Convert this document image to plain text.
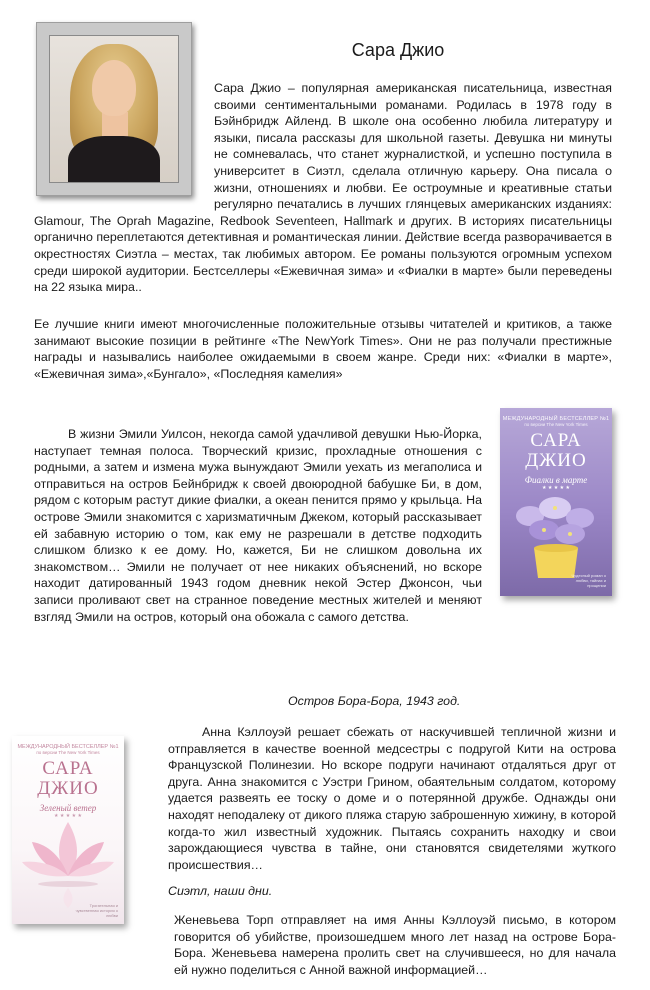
Сара Джио

Сара Джио – популярная американская писательница, известная своими сентиментальными романами. Родилась в 1978 году в Бэйнбридж Айленд. В школе она особенно любила литературу и языки, писала рассказы для школьной газеты. Девушка ни минуты не сомневалась, что станет журналисткой, и успешно поступила в университет в Сиэтл, сделала отличную карьеру. Она писала о жизни, отношениях и любви. Ее остроумные и креативные статьи регулярно печатались в лучших глянцевых американских изданиях: Glamour, The Oprah Magazine, Redbook Seventeen, Hallmark и других. В историях писательницы органично переплетаются детективная и романтическая линии. Действие всегда разворачивается в окрестностях Сиэтла – местах, так любимых автором. Ее романы пользуются огромным успехом среди широкой аудитории. Бестселлеры «Ежевичная зима» и «Фиалки в марте» были переведены на 22 языка мира..

Ее лучшие книги имеют многочисленные положительные отзывы читателей и критиков, а также занимают высокие позиции в рейтинге «The NewYork Times». Они не раз получали престижные награды и назывались наиболее ожидаемыми в своем жанре. Среди них: «Фиалки в марте», «Ежевичная зима»,«Бунгало», «Последняя камелия»

В жизни Эмили Уилсон, некогда самой удачливой девушки Нью-Йорка, наступает темная полоса. Творческий кризис, прохладные отношения с родными, а затем и измена мужа вынуждают Эмили уехать из мегаполиса и отправиться на остров Бейнбридж к своей двоюродной бабушке Би, в дом, рядом с которым растут дикие фиалки, а океан пенится прямо у крыльца. На острове Эмили знакомится с харизматичным Джеком, который рассказывает ей забавную историю о том, как ему не разрешали в детстве подходить слишком близко к ее дому. Но, кажется, Би не слишком довольна их знакомством… Эмили не получает от нее никаких объяснений, но вскоре находит датированный 1943 годом дневник некой Эстер Джонсон, чьи записи проливают свет на странное поведение местных жителей и меняют взгляд Эмили на остров, который она обожала с самого детства.

МЕЖДУНАРОДНЫЙ БЕСТСЕЛЛЕР №1
по версии The New York Times
САРА ДЖИО
Фиалки в марте
★ ★ ★ ★ ★
Чудесный роман о любви, тайнах и прощении

Остров Бора-Бора, 1943 год.

МЕЖДУНАРОДНЫЙ БЕСТСЕЛЛЕР №1
по версии The New York Times
САРА ДЖИО
Зеленый ветер
★ ★ ★ ★ ★
Трогательная и чувственная история о любви

Анна Кэллоуэй решает сбежать от наскучившей тепличной жизни и отправляется в качестве военной медсестры с подругой Кити на острова Французской Полинезии. Но вскоре подруги начинают отдаляться друг от друга. Анна знакомится с Уэстри Грином, обаятельным солдатом, которому удается развеять ее тоску о доме и о потерянной дружбе. Однажды они находят неподалеку от дикого пляжа старую заброшенную хижину, в которой когда-то жил известный художник. Пытаясь сохранить находку и свои зарождающиеся чувства в тайне, они становятся свидетелями жуткого происшествия…

Сиэтл, наши дни.

Женевьева Торп отправляет на имя Анны Кэллоуэй письмо, в котором говорится об убийстве, произошедшем много лет назад на острове Бора-Бора. Женевьева намерена пролить свет на случившееся, но для начала ей нужно поделиться с Анной важной информацией…
